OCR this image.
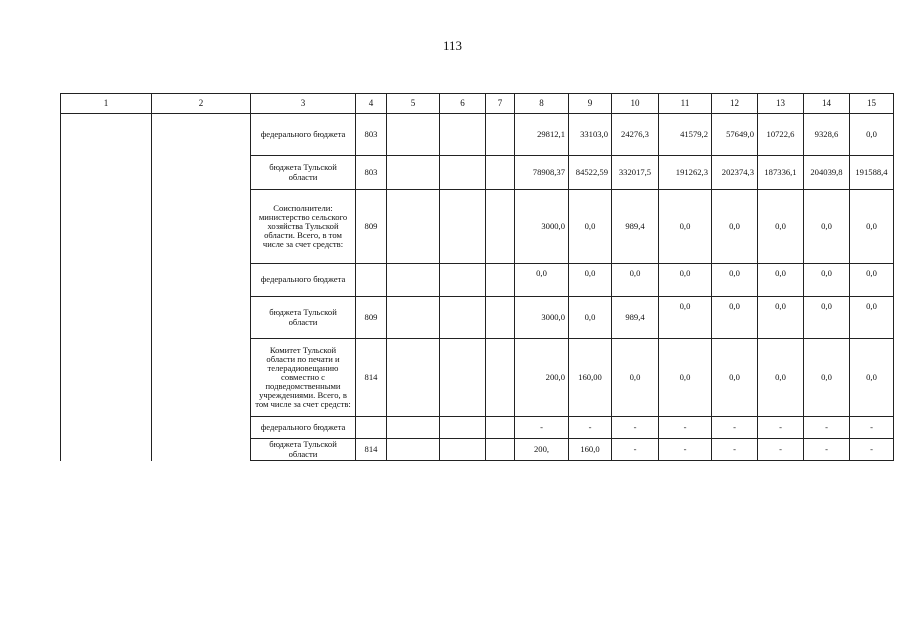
113
1	2	3	4	5	6	7	8	9	10	11	12	13	14	15
		федерального бюджета	803				29812,1	33103,0	24276,3	41579,2	57649,0	10722,6	9328,6	0,0
		бюджета Тульской области	803				78908,37	84522,59	332017,5	191262,3	202374,3	187336,1	204039,8	191588,4
		Соисполнители: министерство сельского хозяйства Тульской области. Всего, в том числе за счет средств:	809				3000,0	0,0	989,4	0,0	0,0	0,0	0,0	0,0
		федерального бюджета					0,0	0,0	0,0	0,0	0,0	0,0	0,0	0,0
		бюджета Тульской области	809				3000,0	0,0	989,4	0,0	0,0	0,0	0,0	0,0
		Комитет Тульской области по печати и телерадиовещанию совместно с подведомственными учреждениями. Всего, в том числе за счет средств:	814				200,0	160,00	0,0	0,0	0,0	0,0	0,0	0,0
		федерального бюджета					-	-	-	-	-	-	-	-
		бюджета Тульской области	814				200,	160,0	-	-	-	-	-	-
